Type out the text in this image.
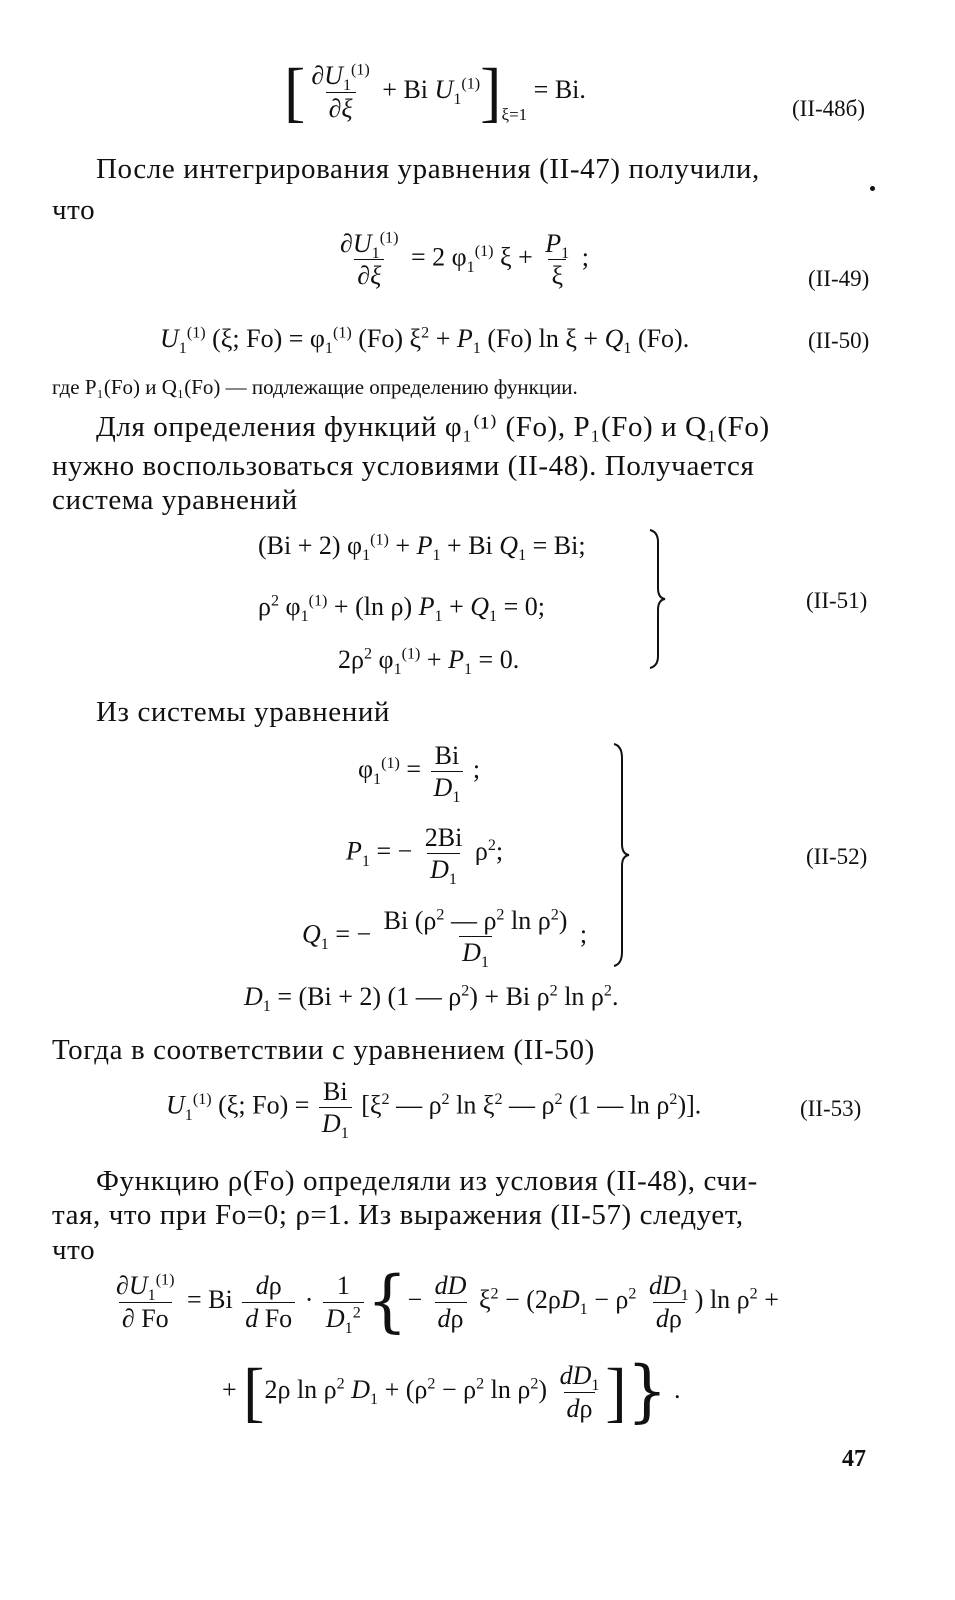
[ $\frac{\partial U_1^{(1)}}{\partial\xi} + Bi$ $U_1^{(1)}]_{\xi=1} = Bi$.
(II-48б)
После интегрирования уравнения (II-47) получили,
что
$\frac{\partial U_1^{(1)}}{\partial\xi} = 2$ $\varphi_1^{(1)}$ $\xi + \frac{P_1}{\xi}$ ;
(II-49)
$U_1^{(1)}$ (ξ; $Fo) = \varphi_1^{(1)}$ (Fo) $\xi^2 + P_1$ (Fo) $\ln \xi + Q_1$ (Fo).	(II-50)
где P₁(Fo) и Q₁(Fo) — подлежащие определению функции.
Для определения функций φ₁⁽¹⁾ (Fo), P₁(Fo) и Q₁(Fo)
нужно воспользоваться условиями (II-48). Получается
система уравнений
(Bi + 2) $\varphi_1^{(1)} + P_1 + Bi$ $Q_1 = Bi$;
$\rho^2$ $\varphi_1^{(1)} + (\ln$ ρ) $P_1 + Q_1 = 0$;
$2\rho^2$ $\varphi_1^{(1)} + P_1 = 0$.
(II-51)
Из системы уравнений
$\varphi_1^{(1)} = \frac{Bi}{D_1}$ ;
$P_1$ = − $\frac{2Bi}{D_1} \rho^2$;
$Q_1$ = − $\frac{Bi (\rho^2 — \rho^2 \ln \rho^2)}{D_1}$ ;
(II-52)
$D_1 = (Bi + 2)$ (1 — $\rho^2) + Bi$ $\rho^2$ $\ln \rho^2$.
Тогда в соответствии с уравнением (II-50)
$U_1^{(1)}$ (ξ; $Fo) = \frac{Bi}{D_1} [\xi^2$ — $\rho^2$ $\ln \xi^2$ — $\rho^2$ (1 — $\ln \rho^2$)].	(II-53)
Функцию ρ(Fo) определяли из условия (II-48), счи-
тая, что при Fo=0; ρ=1. Из выражения (II-57) следует,
что
$\frac{\partial U_1^{(1)}}{\partial Fo} = Bi \frac{d\rho}{\text{d Fo}} \cdot \frac{1}{D_1^2}$ {− $\frac{dD}{d\rho} \xi^2 - (2\rho D_1 - \rho^2 \frac{dD_1}{d\rho}$ ) $\ln \rho^2$ +
+ [2ρ $\ln \rho^2$ $D_1 + (\rho^2 - \rho^2$ $\ln \rho^2) \frac{dD_1}{d\rho}$ ]} .
47
